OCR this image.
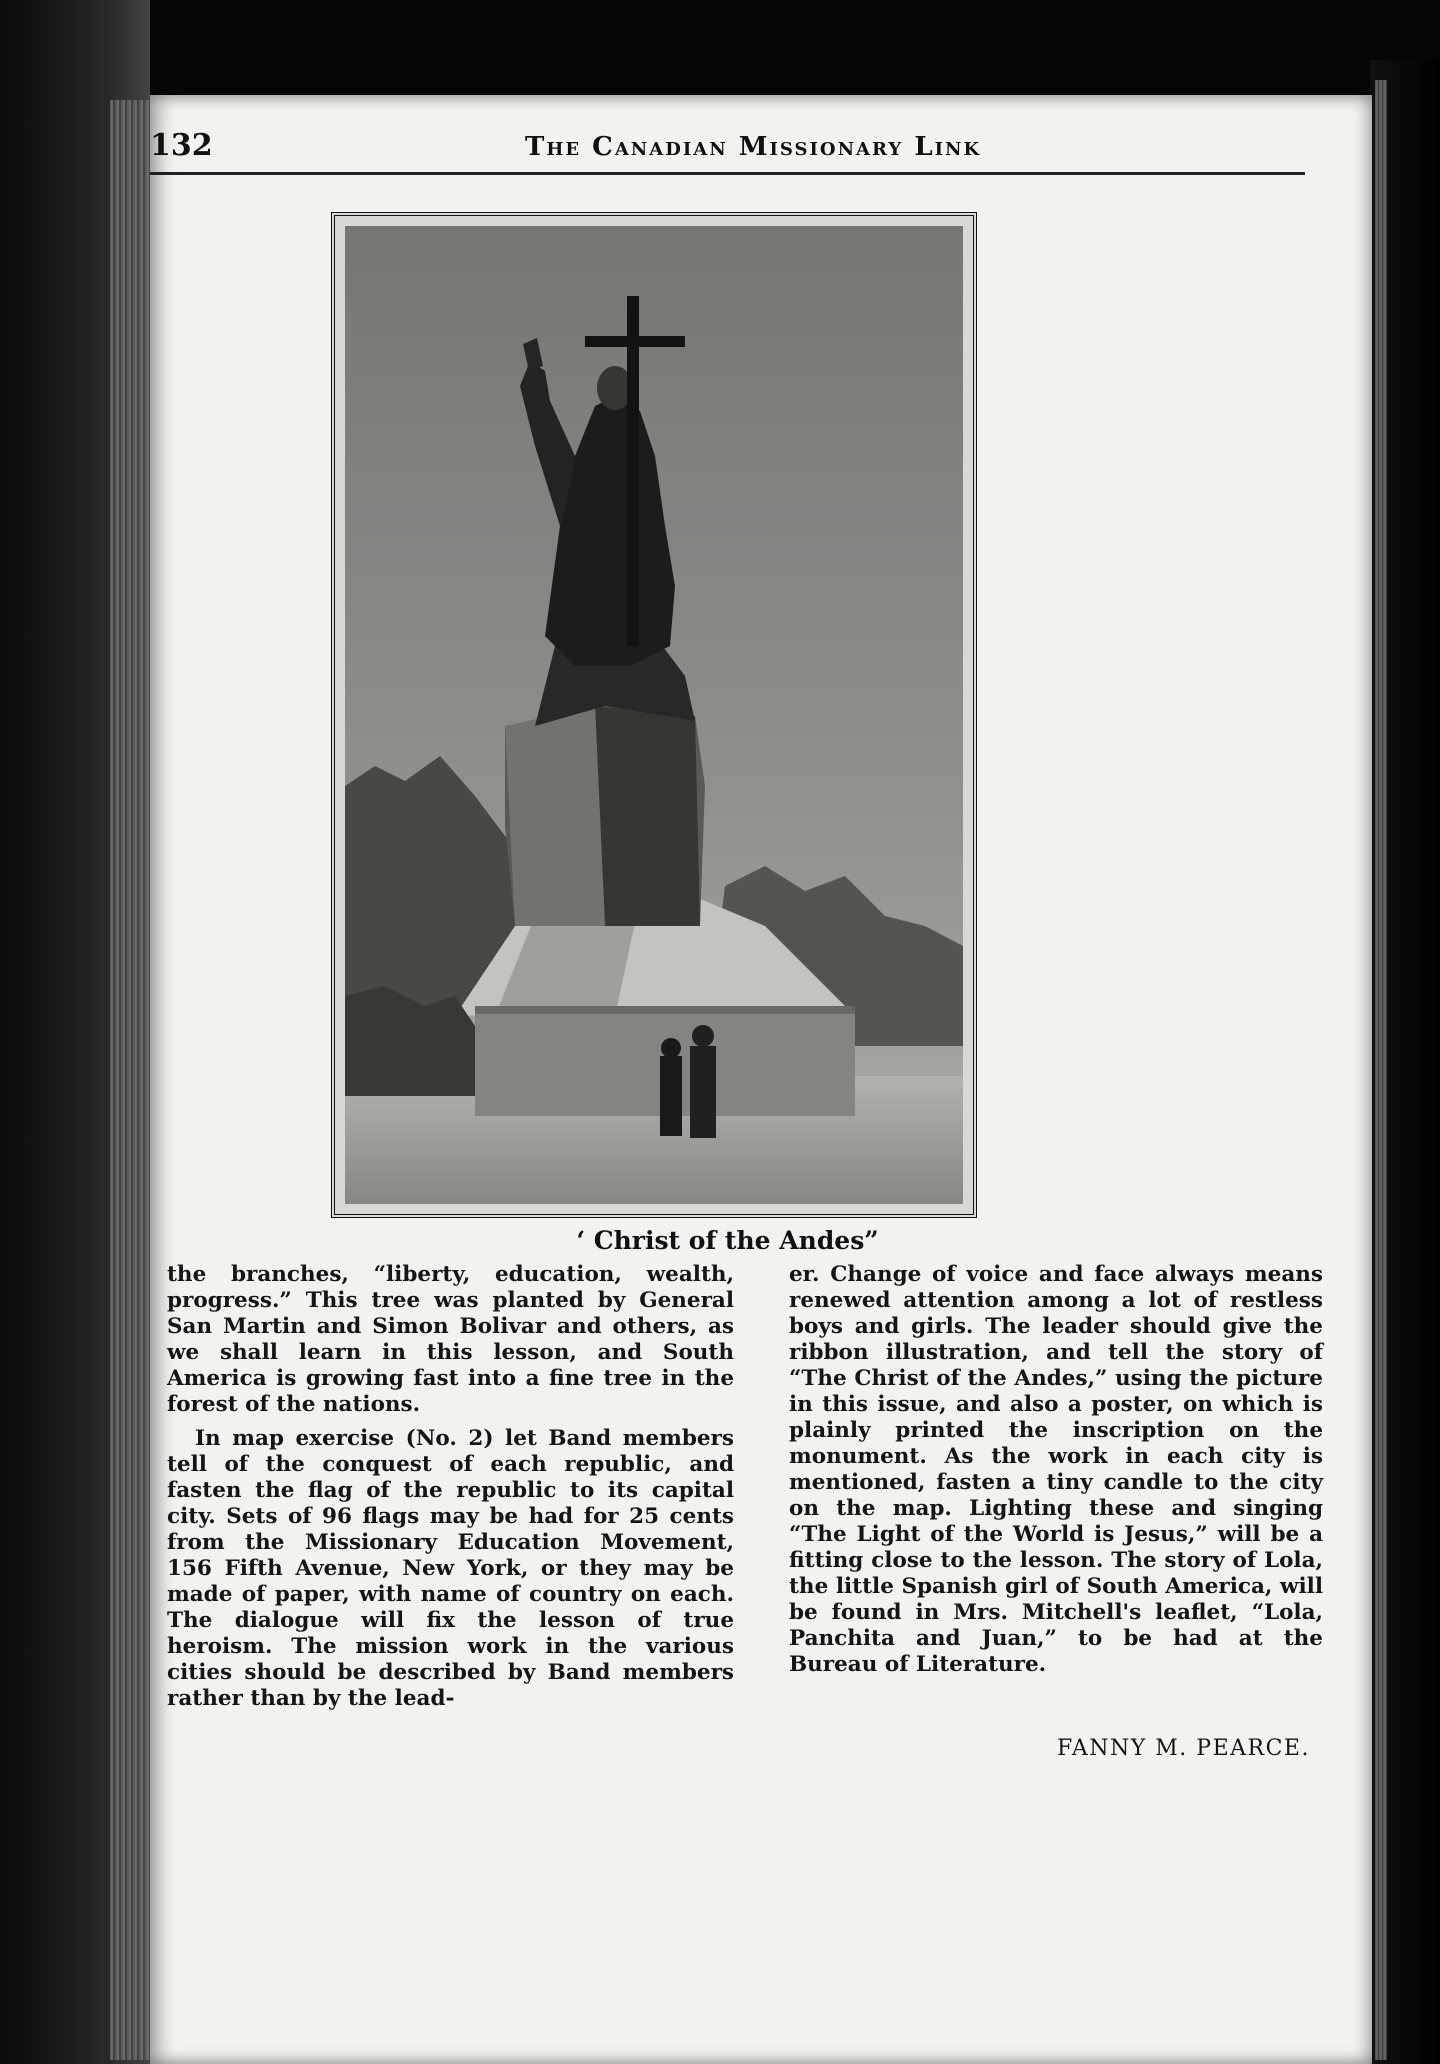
132	The Canadian Missionary Link
‘ Christ of the Andes”

the branches, “liberty, education, wealth, progress.” This tree was planted by General San Martin and Simon Bolivar and others, as we shall learn in this lesson, and South America is growing fast into a fine tree in the forest of the nations.

In map exercise (No. 2) let Band members tell of the conquest of each republic, and fasten the flag of the republic to its capital city. Sets of 96 flags may be had for 25 cents from the Missionary Education Movement, 156 Fifth Avenue, New York, or they may be made of paper, with name of country on each. The dialogue will fix the lesson of true heroism. The mission work in the various cities should be described by Band members rather than by the lead-

er. Change of voice and face always means renewed attention among a lot of restless boys and girls. The leader should give the ribbon illustration, and tell the story of “The Christ of the Andes,” using the picture in this issue, and also a poster, on which is plainly printed the inscription on the monument. As the work in each city is mentioned, fasten a tiny candle to the city on the map. Lighting these and singing “The Light of the World is Jesus,” will be a fitting close to the lesson. The story of Lola, the little Spanish girl of South America, will be found in Mrs. Mitchell's leaflet, “Lola, Panchita and Juan,” to be had at the Bureau of Literature.

FANNY M. PEARCE.
